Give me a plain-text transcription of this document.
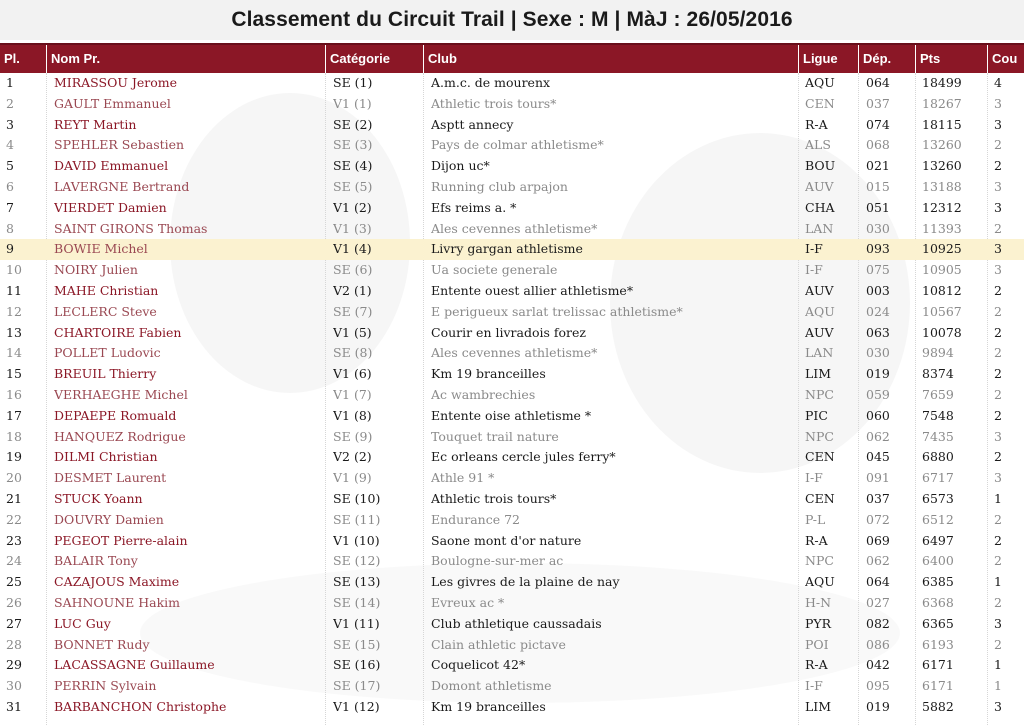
Classement du Circuit Trail | Sexe : M | MàJ : 26/05/2016
Pl.	Nom Pr.	Catégorie	Club	Ligue	Dép.	Pts	Cou
1	MIRASSOU Jerome	SE (1)	A.m.c. de mourenx	AQU	064	18499	4
2	GAULT Emmanuel	V1 (1)	Athletic trois tours*	CEN	037	18267	3
3	REYT Martin	SE (2)	Asptt annecy	R-A	074	18115	3
4	SPEHLER Sebastien	SE (3)	Pays de colmar athletisme*	ALS	068	13260	2
5	DAVID Emmanuel	SE (4)	Dijon uc*	BOU	021	13260	2
6	LAVERGNE Bertrand	SE (5)	Running club arpajon	AUV	015	13188	3
7	VIERDET Damien	V1 (2)	Efs reims a. *	CHA	051	12312	3
8	SAINT GIRONS Thomas	V1 (3)	Ales cevennes athletisme*	LAN	030	11393	2
9	BOWIE Michel	V1 (4)	Livry gargan athletisme	I-F	093	10925	3
10	NOIRY Julien	SE (6)	Ua societe generale	I-F	075	10905	3
11	MAHE Christian	V2 (1)	Entente ouest allier athletisme*	AUV	003	10812	2
12	LECLERC Steve	SE (7)	E perigueux sarlat trelissac athletisme*	AQU	024	10567	2
13	CHARTOIRE Fabien	V1 (5)	Courir en livradois forez	AUV	063	10078	2
14	POLLET Ludovic	SE (8)	Ales cevennes athletisme*	LAN	030	9894	2
15	BREUIL Thierry	V1 (6)	Km 19 branceilles	LIM	019	8374	2
16	VERHAEGHE Michel	V1 (7)	Ac wambrechies	NPC	059	7659	2
17	DEPAEPE Romuald	V1 (8)	Entente oise athletisme *	PIC	060	7548	2
18	HANQUEZ Rodrigue	SE (9)	Touquet trail nature	NPC	062	7435	3
19	DILMI Christian	V2 (2)	Ec orleans cercle jules ferry*	CEN	045	6880	2
20	DESMET Laurent	V1 (9)	Athle 91 *	I-F	091	6717	3
21	STUCK Yoann	SE (10)	Athletic trois tours*	CEN	037	6573	1
22	DOUVRY Damien	SE (11)	Endurance 72	P-L	072	6512	2
23	PEGEOT Pierre-alain	V1 (10)	Saone mont d'or nature	R-A	069	6497	2
24	BALAIR Tony	SE (12)	Boulogne-sur-mer ac	NPC	062	6400	2
25	CAZAJOUS Maxime	SE (13)	Les givres de la plaine de nay	AQU	064	6385	1
26	SAHNOUNE Hakim	SE (14)	Evreux ac *	H-N	027	6368	2
27	LUC Guy	V1 (11)	Club athletique caussadais	PYR	082	6365	3
28	BONNET Rudy	SE (15)	Clain athletic pictave	POI	086	6193	2
29	LACASSAGNE Guillaume	SE (16)	Coquelicot 42*	R-A	042	6171	1
30	PERRIN Sylvain	SE (17)	Domont athletisme	I-F	095	6171	1
31	BARBANCHON Christophe	V1 (12)	Km 19 branceilles	LIM	019	5882	3
